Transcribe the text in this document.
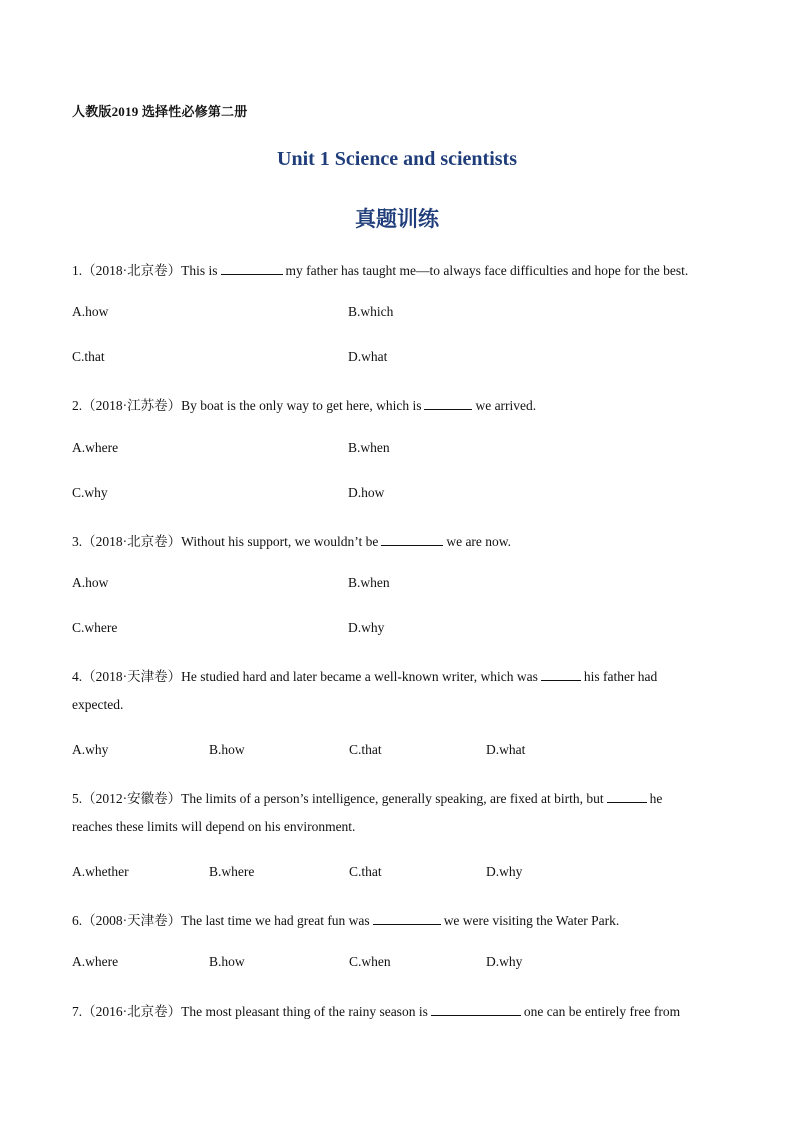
人教版2019 选择性必修第二册
Unit 1 Science and scientists
真题训练
1.（2018·北京卷）This is	my father has taught me—to always face difficulties and hope for the best.
A.how	B.which
C.that	D.what
2.（2018·江苏卷）By boat is the only way to get here, which is	we arrived.
A.where	B.when
C.why	D.how
3.（2018·北京卷）Without his support, we wouldn’t be	we are now.
A.how	B.when
C.where	D.why
4.（2018·天津卷）He studied hard and later became a well-known writer, which was	his father had
expected.
A.why	B.how	C.that	D.what
5.（2012·安徽卷）The limits of a person’s intelligence, generally speaking, are fixed at birth, but	he
reaches these limits will depend on his environment.
A.whether	B.where	C.that	D.why
6.（2008·天津卷）The last time we had great fun was	we were visiting the Water Park.
A.where	B.how	C.when	D.why
7.（2016·北京卷）The most pleasant thing of the rainy season is	one can be entirely free from
